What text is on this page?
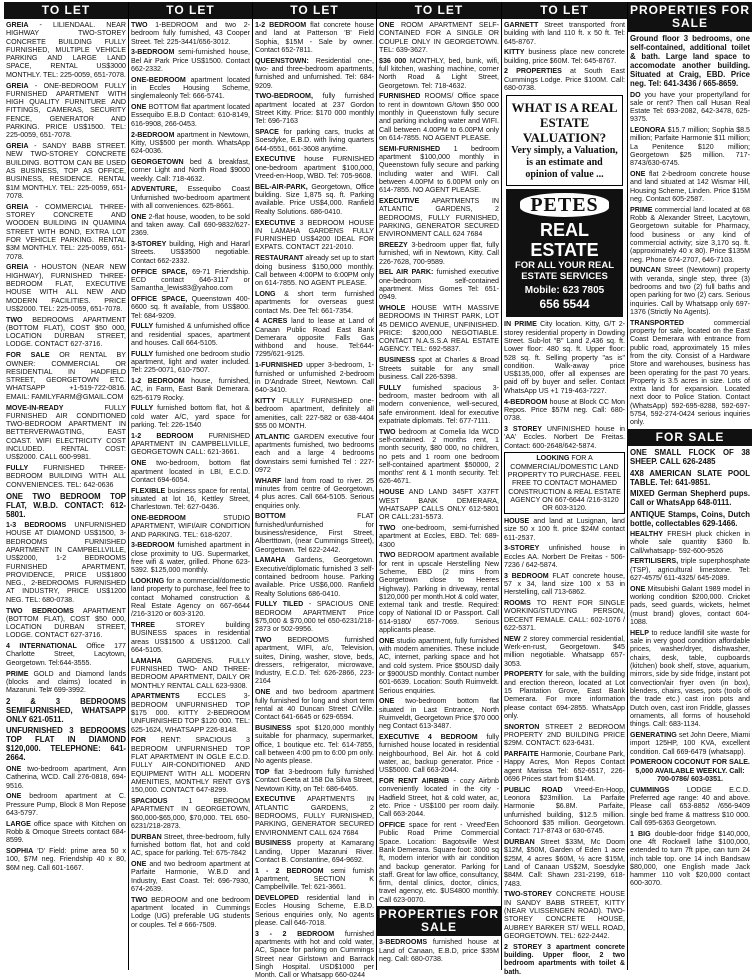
TO LET
GREIA - LILIENDAAL. NEAR HIGHWAY TWO-STOREY CONCRETE BUILDING FULLY FURNISHED, MULTIPLE VEHICLE PARKING AND LARGE LAND SPACE, RENTAL US$3000 MONTHLY. TEL: 225-0059, 651-7078.
GREIA - ONE-BEDROOM FULLY FURNISHED APARTMENT WITH HIGH QUALITY FURNITURE AND FITTINGS, CAMERAS, SECURITY FENCE, GENERATOR AND PARKING. PRICE US$1500. TEL: 225-0059, 651-7078.
GREIA - SANDY BABB STREET. NEW TWO-STOREY CONCRETE BUILDING. BOTTOM CAN BE USED AS BUSINESS, TOP AS OFFICE, BUSINESS, RESIDENCE. RENTAL $1M MONTHLY. TEL: 225-0059, 651-7078.
GREIA - COMMERCIAL THREE-STOREY CONCRETE AND WOODEN BUILDING IN QUAMINA STREET WITH BOND, EXTRA LOT FOR VEHICLE PARKING. RENTAL $3M MONTHLY. TEL: 225-0059, 651-7078.
GREIA - HOUSTON (NEAR NEW HIGHWAY), FURNISHED THREE-BEDROOM FLAT, EXECUTIVE HOUSE WITH ALL NEW AND MODERN FACILITIES. PRICE US$2000. TEL: 225-0059, 651-7078.
TWO BEDROOMS APARTMENT (BOTTOM FLAT), COST $50 000, LOCATION DURBAN STREET, LODGE. CONTACT 627-3716.
FOR SALE OR RENTAL BY OWNER: COMMERCIAL OR RESIDENTIAL IN HADFIELD STREET, GEORGETOWN ETC. WHATSAPP +1-519-722-0816. EMAIL: FAMILYFARM@GMAIL.COM
MOVE-IN-READY FULLY FURNISHED AIR CONDITIONED TWO-BEDROOM APARTMENT IN BETTERVERWAGTING, EAST COAST. WIFI ELECTRICITY COST INCLUDED. RENTAL COST: US$2000. CALL 600-9981.
FULLY FURNISHED THREE-BEDROOM BUILDING WITH ALL CONVENIENCES. TEL: 642-0636
ONE TWO BEDROOM TOP FLAT, W.B.D. CONTACT: 612-5801.
1-3 BEDROOMS UNFURNISHED HOUSE AT DIAMOND US$1500, 3-BEDROOMS FURNISHED APARTMENT IN CAMPBELLVILLE, US$2000, 1-2 BEDROOMS FURNISHED APARTMENT, PROVIDENCE, PRICE US$1800 NEG., 2-BEDROOMS FURNISHED AT INDUSTRY, PRICE US$1200 NEG. TEL: 680-0738.
TWO BEDROOMS APARTMENT (BOTTOM FLAT), COST $50 000, LOCATION DURBAN STREET, LODGE. CONTACT 627-3716.
4 INTERNATIONAL Office 177 Charlotte Street, Lacytown, Georgetown. Tel:644-3555.
PRIME GOLD and Diamond lands (blocks and claims) located in Mazaruni. Tel# 699-3992.
2 & 3 BEDROOMS SEMIFURNISHED, WHATSAPP ONLY 621-0511.
UNFURNISHED 3 BEDROOMS TOP FLAT IN DIAMOND $120,000. TELEPHONE: 641-2664.
ONE two-bedroom apartment, Ann Catherina, WCD. Call 276-0818, 694-9516.
ONE bedroom apartment at C. Pressure Pump, Block 8 Mon Repose 643-5797.
LARGE office space with Kitchen on Robb & Omoque Streets contact 684-8599.
SOPHIA 'D' Field: prime area 50 x 100, $7M neg. Friendship 40 x 80, $6M neg. Call 601-1667.
TO LET
TWO 1-BEDROOM and two 2-bedroom fully furnished, 43 Cooper Street. Tel: 225-3441/656-3012.
3-BEDROOM semi-furnished house, Bel Air Park Price US$1500. Contact 662-2332.
ONE-BEDROOM apartment located in Eccles Housing Scheme, singlemaleonly Tel: 666-5741.
ONE BOTTOM flat apartment located Essequibo E.B.D Contact: 610-8149, 616-9908, 266-0453.
2-BEDROOM apartment in Newtown, Kitty, US$500 per month. WhatsApp 624-0036.
GEORGETOWN bed & breakfast, corner Light and North Road $9000 weekly. Call: 718-4632.
ADVENTURE, Essequibo Coast Unfurnished two-bedroom apartment with all conveniences. 625-8661.
ONE 2-flat house, wooden, to be sold and taken away. Call 690-9832/627-2369.
3-STOREY building, High and Hararl Streets. US$3500 negotiable. Contact 662-2332.
OFFICE SPACE, 69-71 Friendship. ECD contact 646-3117 or Samantha_lewis83@yahoo.com
OFFICE SPACE, Queenstown 400-6600 sq. ft available, from US$800. Tel: 684-9209.
FULLY furnished & unfurnished office and residential spaces, apartment and houses. Call 664-5105.
FULLY furnished one bedroom studio apartment, light and water included. Tel: 225-0071, 610-7507.
1-2 BEDROOM house, furnished, AC, in Farm, East Bank Demerara. 625-6179 Rocky.
FULLY furnished bottom flat, hot & cold water A/C, yard space for parking. Tel: 226-1540
1-2 BEDROOM FURNISHED APARTMENT IN CAMPBELLVILLE, GEORGETOWN CALL: 621-3661.
ONE two-bedroom, bottom flat apartment located in LBI, E.C.D. Contact 694-6054.
FLEXIBLE business space for rental, situated at lot 16, Kettley Street, Charlestown. Tel: 627-0436.
ONE-BEDROOM STUDIO APARTMENT, WIFI/AIR CONDITION AND PARKING. TEL: 618-6207.
3-BEDROOM furnished apartment in close proximity to UG. Supermarket, free wifi & water, grilled. Phone 623-5392. $125,000 monthly.
LOOKING for a commercial/domestic land property to purchase, feel free to contact Mohamed construction & Real Estate Agency on 667-6644 /216-3120 or 603-3120.
THREE STOREY building BUSINESS spaces in residential areas US$1500 & US$1200. Call 664-5105.
LAMAHA GARDENS. FULLY FURNISHED TWO- AND THREE-BEDROOM APARTMENT, DAILY OR MONTHLY RENTAL CALL 623-9308.
APARTMENTS ECCLES 3-BEDROOM UNFURNISHED TOP $175 000. KITTY 2-BEDROOM UNFURNISHED TOP $120 000. TEL: 625-1624, WHATSAPP 226-8148.
FOR RENT: SPACIOUS 3 BEDROOM UNFURNISHED TOP FLAT APARTMENT IN OGLE E.C.D. FULLY AIR-CONDITIONED AND EQUIPMENT WITH ALL MODERN AMENITIES, MONTHLY RENT GY$ 150,000. CONTACT 647-8299.
SPACIOUS 1 BEDROOM APARTMENT IN GEORGETOWN, $60,000-$65,000, $70,000. TEL 650-6231/218-2873.
DURBAN Street, three-bedroom, fully furnished bottom flat, hot and cold AC, space for parking. Tel: 675-7842
ONE and two bedroom apartment at Parfaite Harmonie, W.B.D and Industry, East Coast. Tel: 696-7930, 674-2639.
TWO BEDROOM and one bedroom apartment located in Cummings Lodge (UG) preferable UG students or couples. Tel # 666-7509.
TO LET
1-2 BEDROOM flat concrete house and land at Patterson 'B' Field Sophia, $15M - Sale by owner. Contact 652-7811.
QUEENSTOWN: Residential one-, two- and three-bedroom apartments, furnished and unfurnished. Tel: 684-9209.
TWO-BEDROOM, fully furnished apartment located at 237 Gordon Street Kitty. Price: $170 000 monthly Tel: 696-7163
SPACE for parking cars, trucks at Soesdyke, E.B.D. with living quarters 644-6551, 661-3608 anytime.
EXECUTIVE house FURNISHED one-bedroom apartment $100,000, Vreed-en-Hoop, WBD. Tel: 705-9608.
BEL-AIR-PARK, Georgetown, Office building. Size 1,875 sq. ft. Parking available. Price US$4,000. Ranfield Realty Solutions. 686-0410.
EXECUTIVE 3 BEDROOM HOUSE IN LAMAHA GARDENS FULLY FURNISHED US$4200 IDEAL FOR EXPATS. CONTACT 221-2010.
RESTAURANT already set up to start doing business $150,000 monthly. Call between 4:00PM to 6:00PM only on 614-7855. NO AGENT PLEASE.
LONG & short term furnished apartments for overseas guest contact Ms. Dee Tel: 661-7354.
4 ACRES land to lease at Land of Canaan Public Road East Bank Demerara opposite Falls Gas withbond and house. Tel:644-7295/621-9125.
1-FURNISHED upper 3-bedroom, 1-furnished or unfurnished 2-bedroom in D'Andrade Street, Newtown. Call 640-3410.
KITTY FULLY FURNISHED one-bedroom apartment, definitely all amenities, call: 227-582 or 638-4404 $55 00 MONTH.
ATLANTIC GARDEN executive four apartments furnished, two bedrooms each and a large 4 bedrooms downstairs semi furnished Tel : 227-0972
WHARF land from road to river. 25 minutes from centre of Georgetown, 4 plus acres. Call 664-5105. Serious enquiries only.
BOTTOM FLAT furnished/unfurnished for business/residence, First Street, Albertttown, (near Cummings Street), Georgetown. Tel 622-2442.
LAMAHA Gardens, Georgetown. Executive/diplomatic furnished 3 self-contained bedroom house. Parking available. Price US$6,000. Ranfield Realty Solutions 686-0410.
FULLY TILED - SPACIOUS ONE BEDROOM APARTMENT Price $75,000 & $70,000 tel 650-6231/218-2873 or 502-9956.
TWO BEDROOMS furnished apartment, WIFI, a/c, Television, suites, Dining, washer, stove, beds, dressers, refrigerator, microwave, Industry, E.C.D. Tel: 626-2866, 223-2164
ONE and two bedroom apartment fully furnished for long and short term rental at 40 Duncan Street C/Ville. Contact 641-6645 or 629-6594.
BUSINESS spot $120,000 monthly suitable for pharmacy, supermarket, office, 1 boutique etc. Tel: 614-7855, call between 4:00 pm to 6:00 pm only. No agents please.
TOP flat 3-bedroom fully furnished Contact Geeta at 158 Da Silva Street, Newtown Kitty, on Tel: 686-6465.
EXECUTIVE APARTMENTS IN ATLANTIC GARDENS, 2 BEDROOMS, FULLY FURNISHED, PARKING, GENERATOR SECURED ENVIRONMENT CALL 624 7684
BUSINESS property at Kamarang Landing, Upper Mazaruni River. Contact B. Constantine, 694-9692.
1 - 2 BEDROOM semi furnish Apartment, SECTION K Campbellville. Tel: 621-3661.
DEVELOPED residential land in Eccles Housing Scheme, E.B.D. Serious enquiries only, No agents please. Call 646-7018.
3 - 2 BEDROOM furnished apartments with hot and cold water, AC, Space for parking on Cummings Street near Girlstown and Barrack Singh Hospital. USD$1000 per Month. Call or Whatsapp 660-0244
TO LET
ONE ROOM APARTMENT SELF-CONTAINED FOR A SINGLE OR COUPLE ONLY IN GEORGETOWN. TEL: 639-3627.
$36 000 MONTHLY, bed, bunk, wifi, full kitchen, washing machine, corner North Road & Light Street, Georgetown. Tel: 718-4632.
FURNISHED ROOMS/ Office space to rent in downtown G/town $50 000 monthly in Queenstown fully secure and parking including water and WIFI. Call between 4.00PM to 6.00PM only on 614-7855. NO AGENT PLEASE.
SEMI-FURNISHED 1 bedroom apartment $100,000 monthly in Queenstown fully secure and parking including water and WIFI. Call between 4.00PM to 6.00PM only on 614-7855. NO AGENT PLEASE.
EXECUTIVE APARTMENTS IN ATLANTIC GARDENS, 2 BEDROOMS, FULLY FURNISHED, PARKING, GENERATOR SECURED ENVIRONMENT CALL 624 7684
BREEZY 3-bedroom upper flat, fully furnished, wifi in Newtown, Kitty. Call 226-7628, 700-9589.
BEL AIR PARK: furnished executive one-bedroom self-contained apartment. Miss Gomes Tel: 651-0949.
WHOLE HOUSE WITH MASSIVE BEDROOMS IN THIRST PARK, LOT 45 DEMICO AVENUE, UNFINISHED. PRICE: $200,000 NEGOTIABLE. CONTACT N.A.S.S.A REAL ESTATE AGENCY. TEL: 692-5837.
BUSINESS spot at Charles & Broad Streets suitable for any small business. Call 226-5398.
FULLY furnished spacious 3-bedroom, master bedroom with all modern convenience, well-secured, safe environment. Ideal for executive expatriate diplomats. Tel: 677-7111.
TWO bedroom at Cornelia Ida WCD self-contained. 2 months rent, 1 month security, $80 000, no children, no pets and 1 room one bedroom self-contained apartment $50000, 2 months' rent & 1 month security. Tel: 626-4671.
HOUSE AND LAND 345FT X37FT WEST BANK DEMERARA, WHATSAPP CALLS ONLY 612-5801 OR CALL:231-5573.
TWO one-bedroom, semi-furnished apartment at Eccles, EBD. Tel: 689-4300
TWO BEDROOM apartment available for rent in upscale Herstelling New Scheme, EBD (2 mins from Georgetown close to Heeres Highway). Parking in driveway, rental $120,000 per month.Hot & cold water, external tank and trestle. Required: copy of National ID or Passport. Call 614-9180/ 657-7069. Serious applicants please.
ONE studio apartment, fully furnished with modern amenities. These include AC, internet, parking space and hot and cold system. Price $50USD daily or $900USD monthly. Contact number 601-6639. Location: South Ruimveldt. Serious enquiries.
ONE two-bedroom bottom flat situated in Last Entrance, North Ruimveldt, Georgetown Price $70 000 neg Contact 613-3487.
EXECUTIVE 4 BEDROOM fully furnished house located in residential neighbourhood, Bel Air. hot & cold water, ac, backup generator. Price - US$5000. Call 663-2044.
FOR RENT AIRBNB - cozy Airbnb conveniently located in the city - Hadfield Street, hot & cold water, ac, etc. Price - US$100 per room daily. Call 663-2044.
OFFICE space for rent - Vreed'Een Public Road Prime Commercial Space. Location: Bagotsville West Bank Demerara. Square foot: 3000 sq ft, modern interior with air condition and backup generator. Parking for staff. Great for law office, consultancy, firm, dental clinics, doctor, clinics, travel agency, etc. $US4800 monthly. Call 623-0070.
PROPERTIES FOR SALE
3-BEDROOMS furnished house at Land of Canaan, E.B.D, price $35M neg. Call: 680-0738.
TO LET
GARNETT Street transported front building with land 110 ft. x 50 ft. Tel: 645-8767.
KITTY business place new concrete building, price $60M. Tel: 645-8767.
2 PROPERTIES at South East Cummings Lodge. Price $100M. Call: 680-0738.
WHAT IS A REAL ESTATE VALUATION?
Very simply, a Valuation, is an estimate and opinion of value ...
PETES
REAL ESTATE
FOR ALL YOUR REAL ESTATE SERVICES
Mobile: 623 7805
656 5544
IN PRIME City location. Kitty, G/T 2-storey residential property in Dowding Street. Sub-lot "B" Land 2,436 sq. ft. Lower floor: 480 sq. ft. Upper floor: 528 sq. ft. Selling property "as is" condition. Walk-away price US$135,000, offer all expenses are paid off by buyer and seller. Contact WhatsApp US +1 719-463-7227.
4-BEDROOM house at Block CC Mon Repos. Price $57M neg. Call: 680-0738.
3 STOREY UNFINISHED house in 'AA' Eccles. Norbert De Freitas. Contact: 600-2648/642-5874.
LOOKING FOR A COMMERCIAL/DOMESTIC LAND PROPERTY TO PURCHASE. FEEL FREE TO CONTACT MOHAMED CONSTRUCTION & REAL ESTATE AGENCY ON 667-6644 /216-3120 OR 603-3120.
HOUSE and land at Lusignan, land size 50 x 100 ft. price $24M contact 611-2537.
3-STOREY unfinished house in Eccles AA. Norbert De Freitas - 506-7236 / 642-5874.
3 BEDROOM FLAT concrete house, 57 x 34, land size 100 x 53 in Herstelling, call 713-6862.
ROOMS TO RENT FOR SINGLE WORKING/STUDYING PERSON, DECENT FEMALE. CALL: 602-1076 / 622-5371.
NEW 2 storey commercial residential, Werk-en-rust, Georgetown. $45 million negotiable. Whatsapp 657-3053.
PROPERTY for sale, with the building and erection thereon, located at Lot 15 Plantation Grove, East Bank Demerara. For more information please contact 694-2855. WhatsApp only.
SNORTON STREET 2 BEDROOM PROPERTY 2ND BUILDING PRICE $29M. CONTACT: 623-6431.
PARFAITE Harmonie, Courbane Park, Happy Acres, Mon Repos Contact agent Marissa Tel: 652-6517, 226-0696 Prices start from $14M.
PUBLIC ROAD Vreed-En-Hoop, Leonora $23million. La Parfaite Harmonie $6.8M. Parfaite, unfurnished building, $12.5 million. Schoonord $35 million. Georgetown. Contact: 717-8743 or 630-6745.
DURBAN Street $33M, Mc Doom $12M, $50M, Garden of Eden 1 acre $25M, 4 acres $60M, ½ acre $15M, Land of Canaan US$2M, Soesdyke $84M. Call: Shawn 231-2199, 618-7483.
TWO-STOREY CONCRETE HOUSE IN SANDY BABB STREET, KITTY (NEAR VLISSENGEN ROAD). TWO-STOREY CONCRETE HOUSE, AUBREY BARKER ST/ WELL ROAD, GEORGETOWN. TEL: 622-2442.
2 STOREY 3 apartment concrete building. Upper floor, 2 two bedroom apartments with toilet & bath.
PROPERTIES FOR SALE
Ground floor 3 bedrooms, one self-contained, additional toilet & bath. Large land space to accomodate another building. Situated at Craig, EBD. Price neg. Tel: 641-3436 / 665-8659.
DO you have your property/land for sale or rent? Then call Husan Real Estate Tel: 693-2082, 642-3478, 625-9375.
LEONORA $15.7 million; Sophia $8.5 million; Parfaite Harmonie $11 million; La Penitence $120 million; Georgetown $25 million. 717-8743/630-6745.
ONE flat 2-bedroom concrete house and land situated at 142 Wismar Hill, Housing Scheme, Linden. Price $15M neg. Contact 605-2587.
PRIME commercial land located at 68 Robb & Alexander Street, Lacytown, Georgetown suitable for Pharmacy, food business or any kind of commercial activity; size 3,170 sq. ft. (approximately 40 x 80). Price $135M neg. Phone 674-2707, 646-7103.
DUNCAN Street (Newtown) property with veranda, single step, three (3) bedrooms and two (2) full baths and open parking for two (2) cars. Serious inquiries. Call by Whatsapp only 697-1376 (Strictly No Agents).
TRANSPORTED commercial property for sale, located on the East Coast Demerara with entrance from public road, approximately 15 miles from the city. Consist of a Hardware Store and warehouses, business has been operating for the past 70 years. Property is 3.5 acres in size. Lots of extra land for expansion. Located next door to Police Station. Contact (WhatsApp) 592-695-8288, 592-697-5754, 592-274-0424 serious inquiries only.
FOR SALE
ONE SMALL FLOCK OF 38 SHEEP. CALL 626-2485
4X8 AMERICAN SLATE POOL TABLE. Tel: 641-9851.
MIXED German Shepherd pups. Call or WhatsApp 648-0111.
ANTIQUE Stamps, Coins, Dutch bottle, collectables 629-1466.
HEALTHY FRESH pluck chicken in whole sale quantity $360 lb. Call/whatsapp- 592-600-9526
FERTILISERS, triple superphosphate (TSP), agricultural limestone. Tel: 627-4575/ 611-4325/ 645-2089.
ONE Mitsubishi Galant 1989 model in working condition $200,000. Cricket pads, seed guards, wickets, helmet (must brand) gloves, contact 604-1088.
HELP to reduce landfill site waste for sale in very good condition affordable prices, washer/dryer, dishwasher, chairs, desk, table, cupboards (kitchen) book shelf, stove, aquarium, mirrors, side by side fridge, instant pot convection/air fryer oven (in box), blenders, chairs, vases, pots (tools of the trade etc.) cast iron pots and Dutch oven, cast iron Friddle, glasses ornaments, all forms of household things. Call: 683-1134.
GENERATING set John Deere, Miami import 125HP, 100 KVA, excellent condition. Call 669-6479 (whatsapp).
POMEROON COCONUT FOR SALE. 5,000 AVAILABLE WEEKLY. Call: 700-0786/ 603-0351.
CUMMINGS LODGE E.C.D. Preferred age range: 40 and above. Please call 653-8852 /656-9409 single bed frame & mattress $10 000. Call 695-6363 Georgetown.
1 BIG double-door fridge $140,000, one 4ft Rockwell lathe $100,000, extended to turn 7ft pipe, can turn 24 inch table top. one 14 inch Bandsaw $80,000, one English made Jack hammer 110 volt $20,000 contact 600-3070.
